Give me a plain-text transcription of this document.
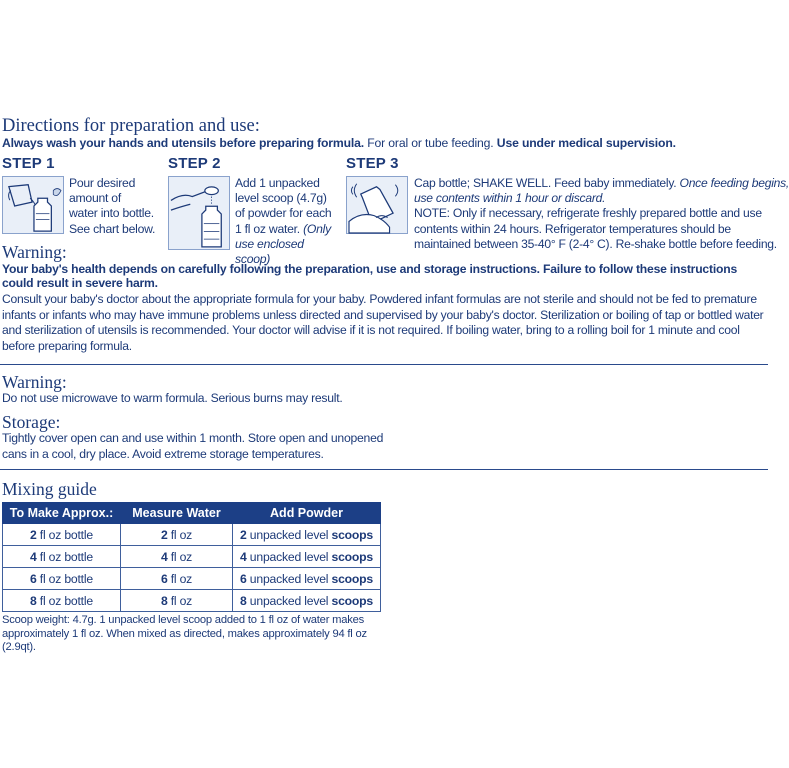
Directions for preparation and use:
Always wash your hands and utensils before preparing formula. For oral or tube feeding. Use under medical supervision.
STEP 1
Pour desired
amount of
water into bottle.
See chart below.
STEP 2
Add 1 unpacked
level scoop (4.7g)
of powder for each
1 fl oz water. (Only
use enclosed scoop)
STEP 3
Cap bottle; SHAKE WELL. Feed baby immediately. Once feeding begins,
use contents within 1 hour or discard.
NOTE: Only if necessary, refrigerate freshly prepared bottle and use
contents within 24 hours. Refrigerator temperatures should be
maintained between 35-40° F (2-4° C). Re-shake bottle before feeding.
Warning:
Your baby's health depends on carefully following the preparation, use and storage instructions. Failure to follow these instructions
could result in severe harm.
Consult your baby's doctor about the appropriate formula for your baby. Powdered infant formulas are not sterile and should not be fed to premature
infants or infants who may have immune problems unless directed and supervised by your baby's doctor. Sterilization or boiling of tap or bottled water
and sterilization of utensils is recommended. Your doctor will advise if it is not required. If boiling water, bring to a rolling boil for 1 minute and cool
before preparing formula.
Warning:
Do not use microwave to warm formula. Serious burns may result.
Storage:
Tightly cover open can and use within 1 month. Store open and unopened
cans in a cool, dry place. Avoid extreme storage temperatures.
Mixing guide
To Make Approx.:	Measure Water	Add Powder
2 fl oz bottle	2 fl oz	2 unpacked level scoops
4 fl oz bottle	4 fl oz	4 unpacked level scoops
6 fl oz bottle	6 fl oz	6 unpacked level scoops
8 fl oz bottle	8 fl oz	8 unpacked level scoops
Scoop weight: 4.7g. 1 unpacked level scoop added to 1 fl oz of water makes
approximately 1 fl oz. When mixed as directed, makes approximately 94 fl oz (2.9qt).
